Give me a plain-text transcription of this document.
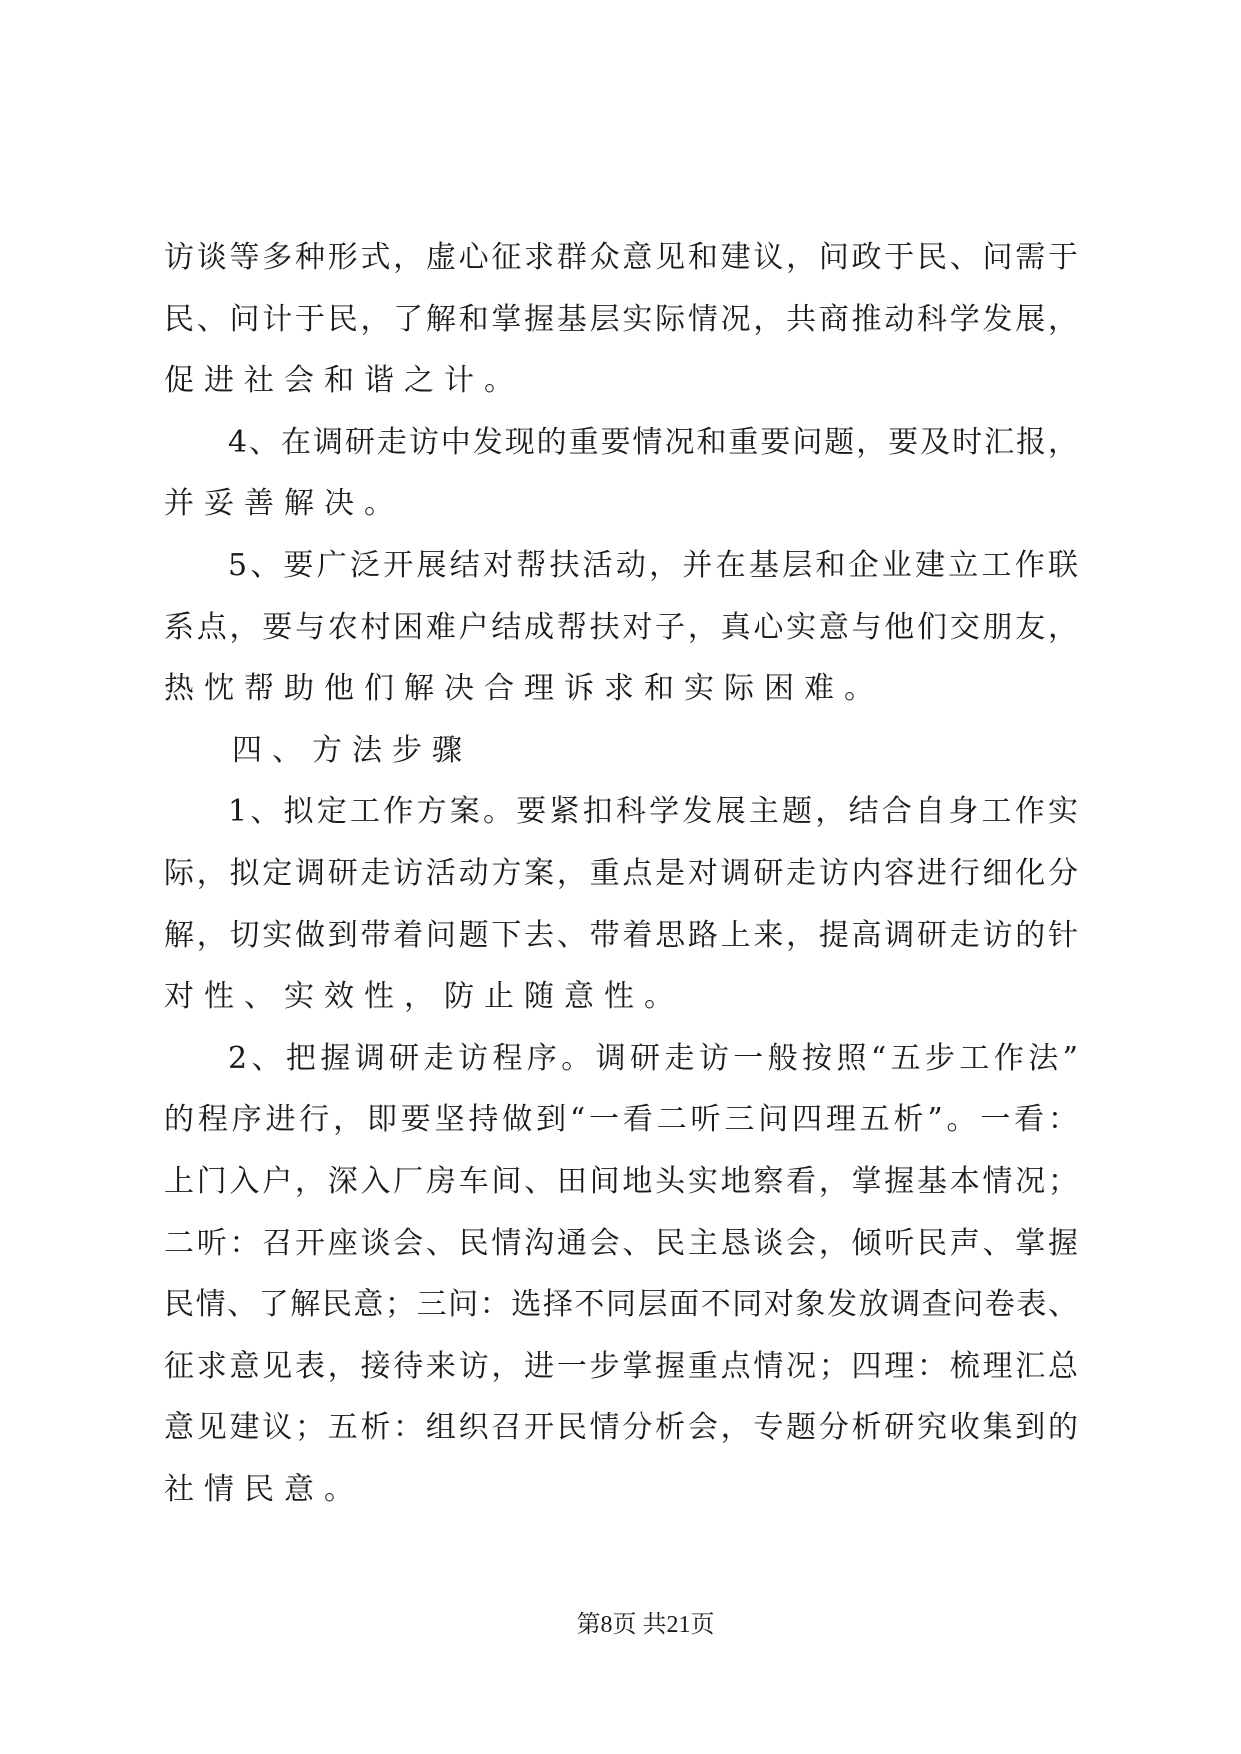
访谈等多种形式，虚心征求群众意见和建议，问政于民、问需于
民、问计于民，了解和掌握基层实际情况，共商推动科学发展，
促进社会和谐之计。
4、在调研走访中发现的重要情况和重要问题，要及时汇报，
并妥善解决。
5、要广泛开展结对帮扶活动，并在基层和企业建立工作联
系点，要与农村困难户结成帮扶对子，真心实意与他们交朋友，
热忱帮助他们解决合理诉求和实际困难。
四、方法步骤
1、拟定工作方案。要紧扣科学发展主题，结合自身工作实
际，拟定调研走访活动方案，重点是对调研走访内容进行细化分
解，切实做到带着问题下去、带着思路上来，提高调研走访的针
对性、实效性，防止随意性。
2、把握调研走访程序。调研走访一般按照“五步工作法”
的程序进行，即要坚持做到“一看二听三问四理五析”。一看：
上门入户，深入厂房车间、田间地头实地察看，掌握基本情况；
二听：召开座谈会、民情沟通会、民主恳谈会，倾听民声、掌握
民情、了解民意；三问：选择不同层面不同对象发放调查问卷表、
征求意见表，接待来访，进一步掌握重点情况；四理：梳理汇总
意见建议；五析：组织召开民情分析会，专题分析研究收集到的
社情民意。
第8页 共21页
